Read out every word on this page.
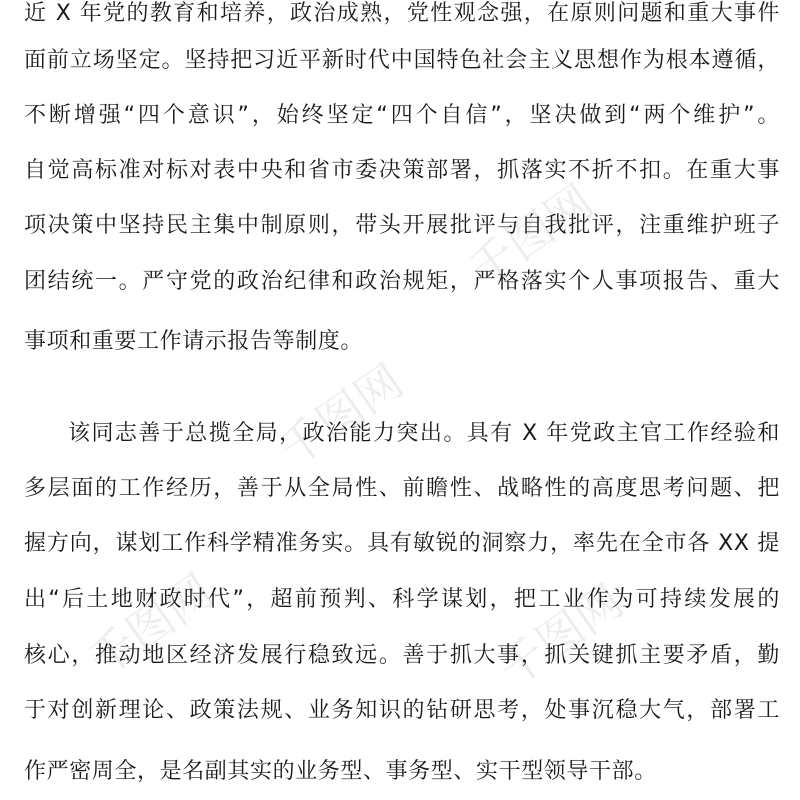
千图网
千图网
千图网	千图网
近 X 年党的教育和培养，政治成熟，党性观念强，在原则问题和重大事件
面前立场坚定。坚持把习近平新时代中国特色社会主义思想作为根本遵循，
不断增强“四个意识”，始终坚定“四个自信”，坚决做到“两个维护”。
自觉高标准对标对表中央和省市委决策部署，抓落实不折不扣。在重大事
项决策中坚持民主集中制原则，带头开展批评与自我批评，注重维护班子
团结统一。严守党的政治纪律和政治规矩，严格落实个人事项报告、重大
事项和重要工作请示报告等制度。
该同志善于总揽全局，政治能力突出。具有 X 年党政主官工作经验和
多层面的工作经历，善于从全局性、前瞻性、战略性的高度思考问题、把
握方向，谋划工作科学精准务实。具有敏锐的洞察力，率先在全市各 XX 提
出“后土地财政时代”，超前预判、科学谋划，把工业作为可持续发展的
核心，推动地区经济发展行稳致远。善于抓大事，抓关键抓主要矛盾，勤
于对创新理论、政策法规、业务知识的钻研思考，处事沉稳大气，部署工
作严密周全，是名副其实的业务型、事务型、实干型领导干部。
